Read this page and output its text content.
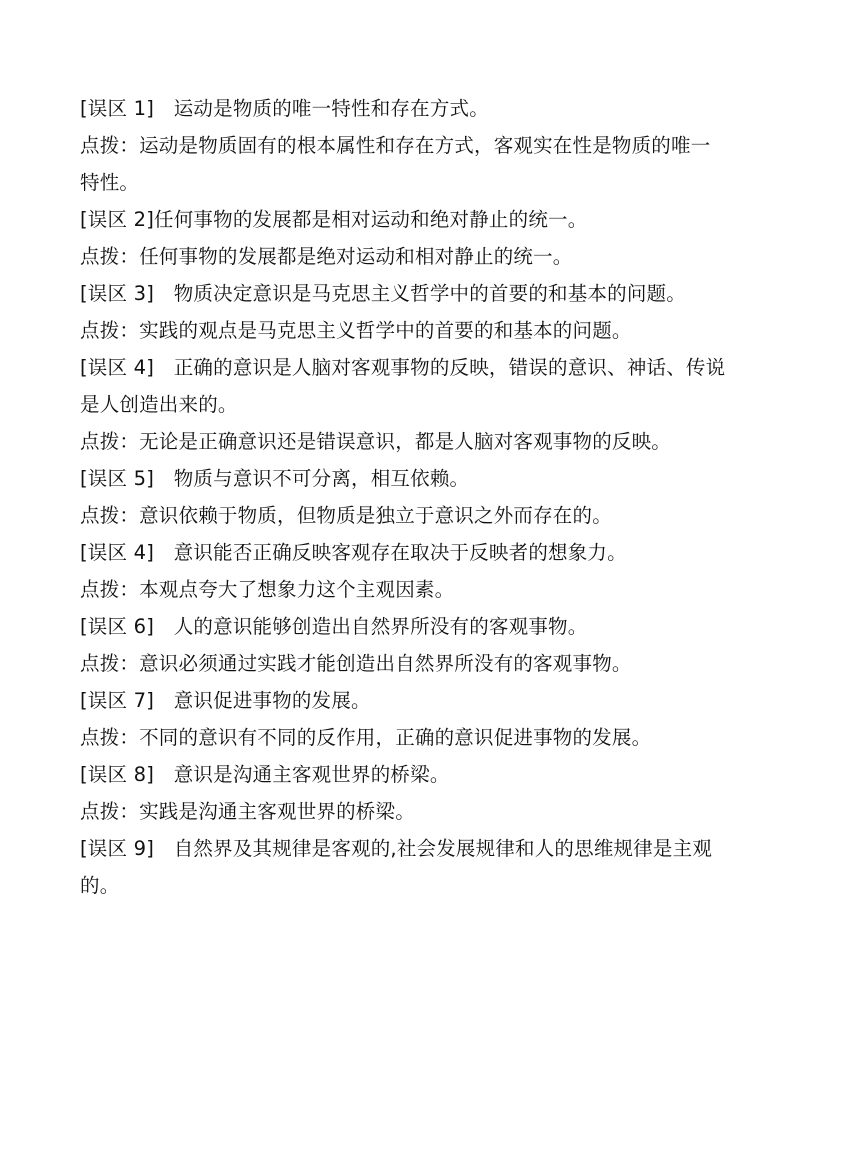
[误区 1]　 运动是物质的唯一特性和存在方式。

点拨：运动是物质固有的根本属性和存在方式，客观实在性是物质的唯一

特性。

[误区 2]任何事物的发展都是相对运动和绝对静止的统一。

点拨：任何事物的发展都是绝对运动和相对静止的统一。

[误区 3]　 物质决定意识是马克思主义哲学中的首要的和基本的问题。

点拨：实践的观点是马克思主义哲学中的首要的和基本的问题。

[误区 4]　 正确的意识是人脑对客观事物的反映，错误的意识、神话、传说

是人创造出来的。

点拨：无论是正确意识还是错误意识，都是人脑对客观事物的反映。

[误区 5]　 物质与意识不可分离，相互依赖。

点拨：意识依赖于物质，但物质是独立于意识之外而存在的。

[误区 4]　 意识能否正确反映客观存在取决于反映者的想象力。

点拨：本观点夸大了想象力这个主观因素。

[误区 6]　 人的意识能够创造出自然界所没有的客观事物。

点拨：意识必须通过实践才能创造出自然界所没有的客观事物。

[误区 7]　 意识促进事物的发展。

点拨：不同的意识有不同的反作用，正确的意识促进事物的发展。

[误区 8]　 意识是沟通主客观世界的桥梁。

点拨：实践是沟通主客观世界的桥梁。

[误区 9]　 自然界及其规律是客观的,社会发展规律和人的思维规律是主观

的。
